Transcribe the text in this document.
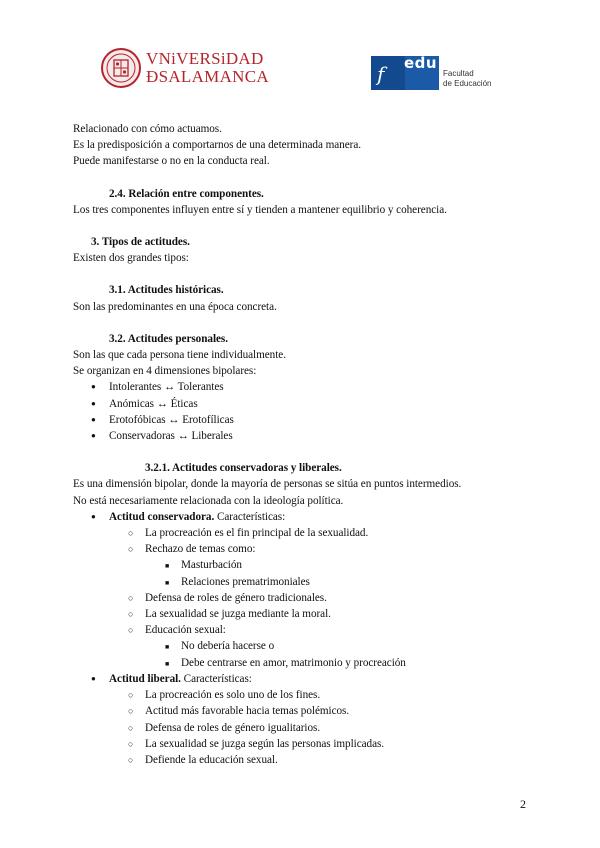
VNiVERSiDAD
ÐSALAMANCA	f edu
Facultad
de Educación

Relacionado con cómo actuamos.

Es la predisposición a comportarnos de una determinada manera.

Puede manifestarse o no en la conducta real.

2.4. Relación entre componentes.

Los tres componentes influyen entre sí y tienden a mantener equilibrio y coherencia.

3. Tipos de actitudes.

Existen dos grandes tipos:

3.1. Actitudes históricas.

Son las predominantes en una época concreta.

3.2. Actitudes personales.

Son las que cada persona tiene individualmente.

Se organizan en 4 dimensiones bipolares:

● Intolerantes ↔ Tolerantes
● Anómicas ↔ Éticas
● Erotofóbicas ↔ Erotofílicas
● Conservadoras ↔ Liberales

3.2.1. Actitudes conservadoras y liberales.

Es una dimensión bipolar, donde la mayoría de personas se sitúa en puntos intermedios.

No está necesariamente relacionada con la ideología política.

● Actitud conservadora. Características:
○ La procreación es el fin principal de la sexualidad.
○ Rechazo de temas como:
■ Masturbación
■ Relaciones prematrimoniales
○ Defensa de roles de género tradicionales.
○ La sexualidad se juzga mediante la moral.
○ Educación sexual:
■ No debería hacerse o
■ Debe centrarse en amor, matrimonio y procreación
● Actitud liberal. Características:
○ La procreación es solo uno de los fines.
○ Actitud más favorable hacia temas polémicos.
○ Defensa de roles de género igualitarios.
○ La sexualidad se juzga según las personas implicadas.
○ Defiende la educación sexual.
2
